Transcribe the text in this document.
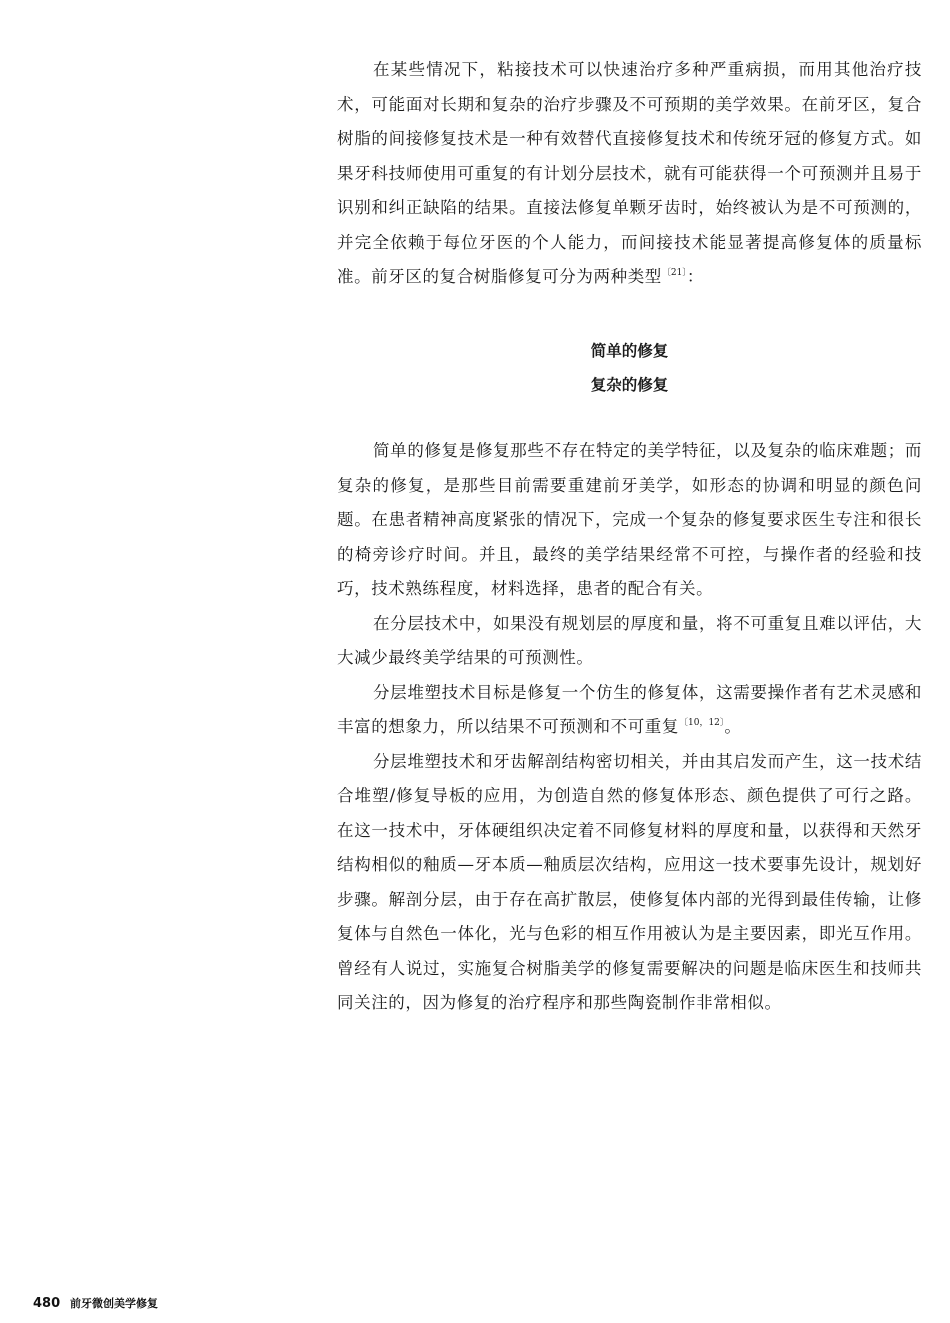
在某些情况下，粘接技术可以快速治疗多种严重病损，而用其他治疗技术，可能面对长期和复杂的治疗步骤及不可预期的美学效果。在前牙区，复合树脂的间接修复技术是一种有效替代直接修复技术和传统牙冠的修复方式。如果牙科技师使用可重复的有计划分层技术，就有可能获得一个可预测并且易于识别和纠正缺陷的结果。直接法修复单颗牙齿时，始终被认为是不可预测的，并完全依赖于每位牙医的个人能力，而间接技术能显著提高修复体的质量标准。前牙区的复合树脂修复可分为两种类型$^{〔21〕}$：

简单的修复
复杂的修复

简单的修复是修复那些不存在特定的美学特征，以及复杂的临床难题；而复杂的修复，是那些目前需要重建前牙美学，如形态的协调和明显的颜色问题。在患者精神高度紧张的情况下，完成一个复杂的修复要求医生专注和很长的椅旁诊疗时间。并且，最终的美学结果经常不可控，与操作者的经验和技巧，技术熟练程度，材料选择，患者的配合有关。

在分层技术中，如果没有规划层的厚度和量，将不可重复且难以评估，大大减少最终美学结果的可预测性。

分层堆塑技术目标是修复一个仿生的修复体，这需要操作者有艺术灵感和丰富的想象力，所以结果不可预测和不可重复$^{〔10,12〕}$。

分层堆塑技术和牙齿解剖结构密切相关，并由其启发而产生，这一技术结合堆塑/修复导板的应用，为创造自然的修复体形态、颜色提供了可行之路。在这一技术中，牙体硬组织决定着不同修复材料的厚度和量，以获得和天然牙结构相似的釉质—牙本质—釉质层次结构，应用这一技术要事先设计，规划好步骤。解剖分层，由于存在高扩散层，使修复体内部的光得到最佳传输，让修复体与自然色一体化，光与色彩的相互作用被认为是主要因素，即光互作用。曾经有人说过，实施复合树脂美学的修复需要解决的问题是临床医生和技师共同关注的，因为修复的治疗程序和那些陶瓷制作非常相似。

480 前牙微创美学修复
